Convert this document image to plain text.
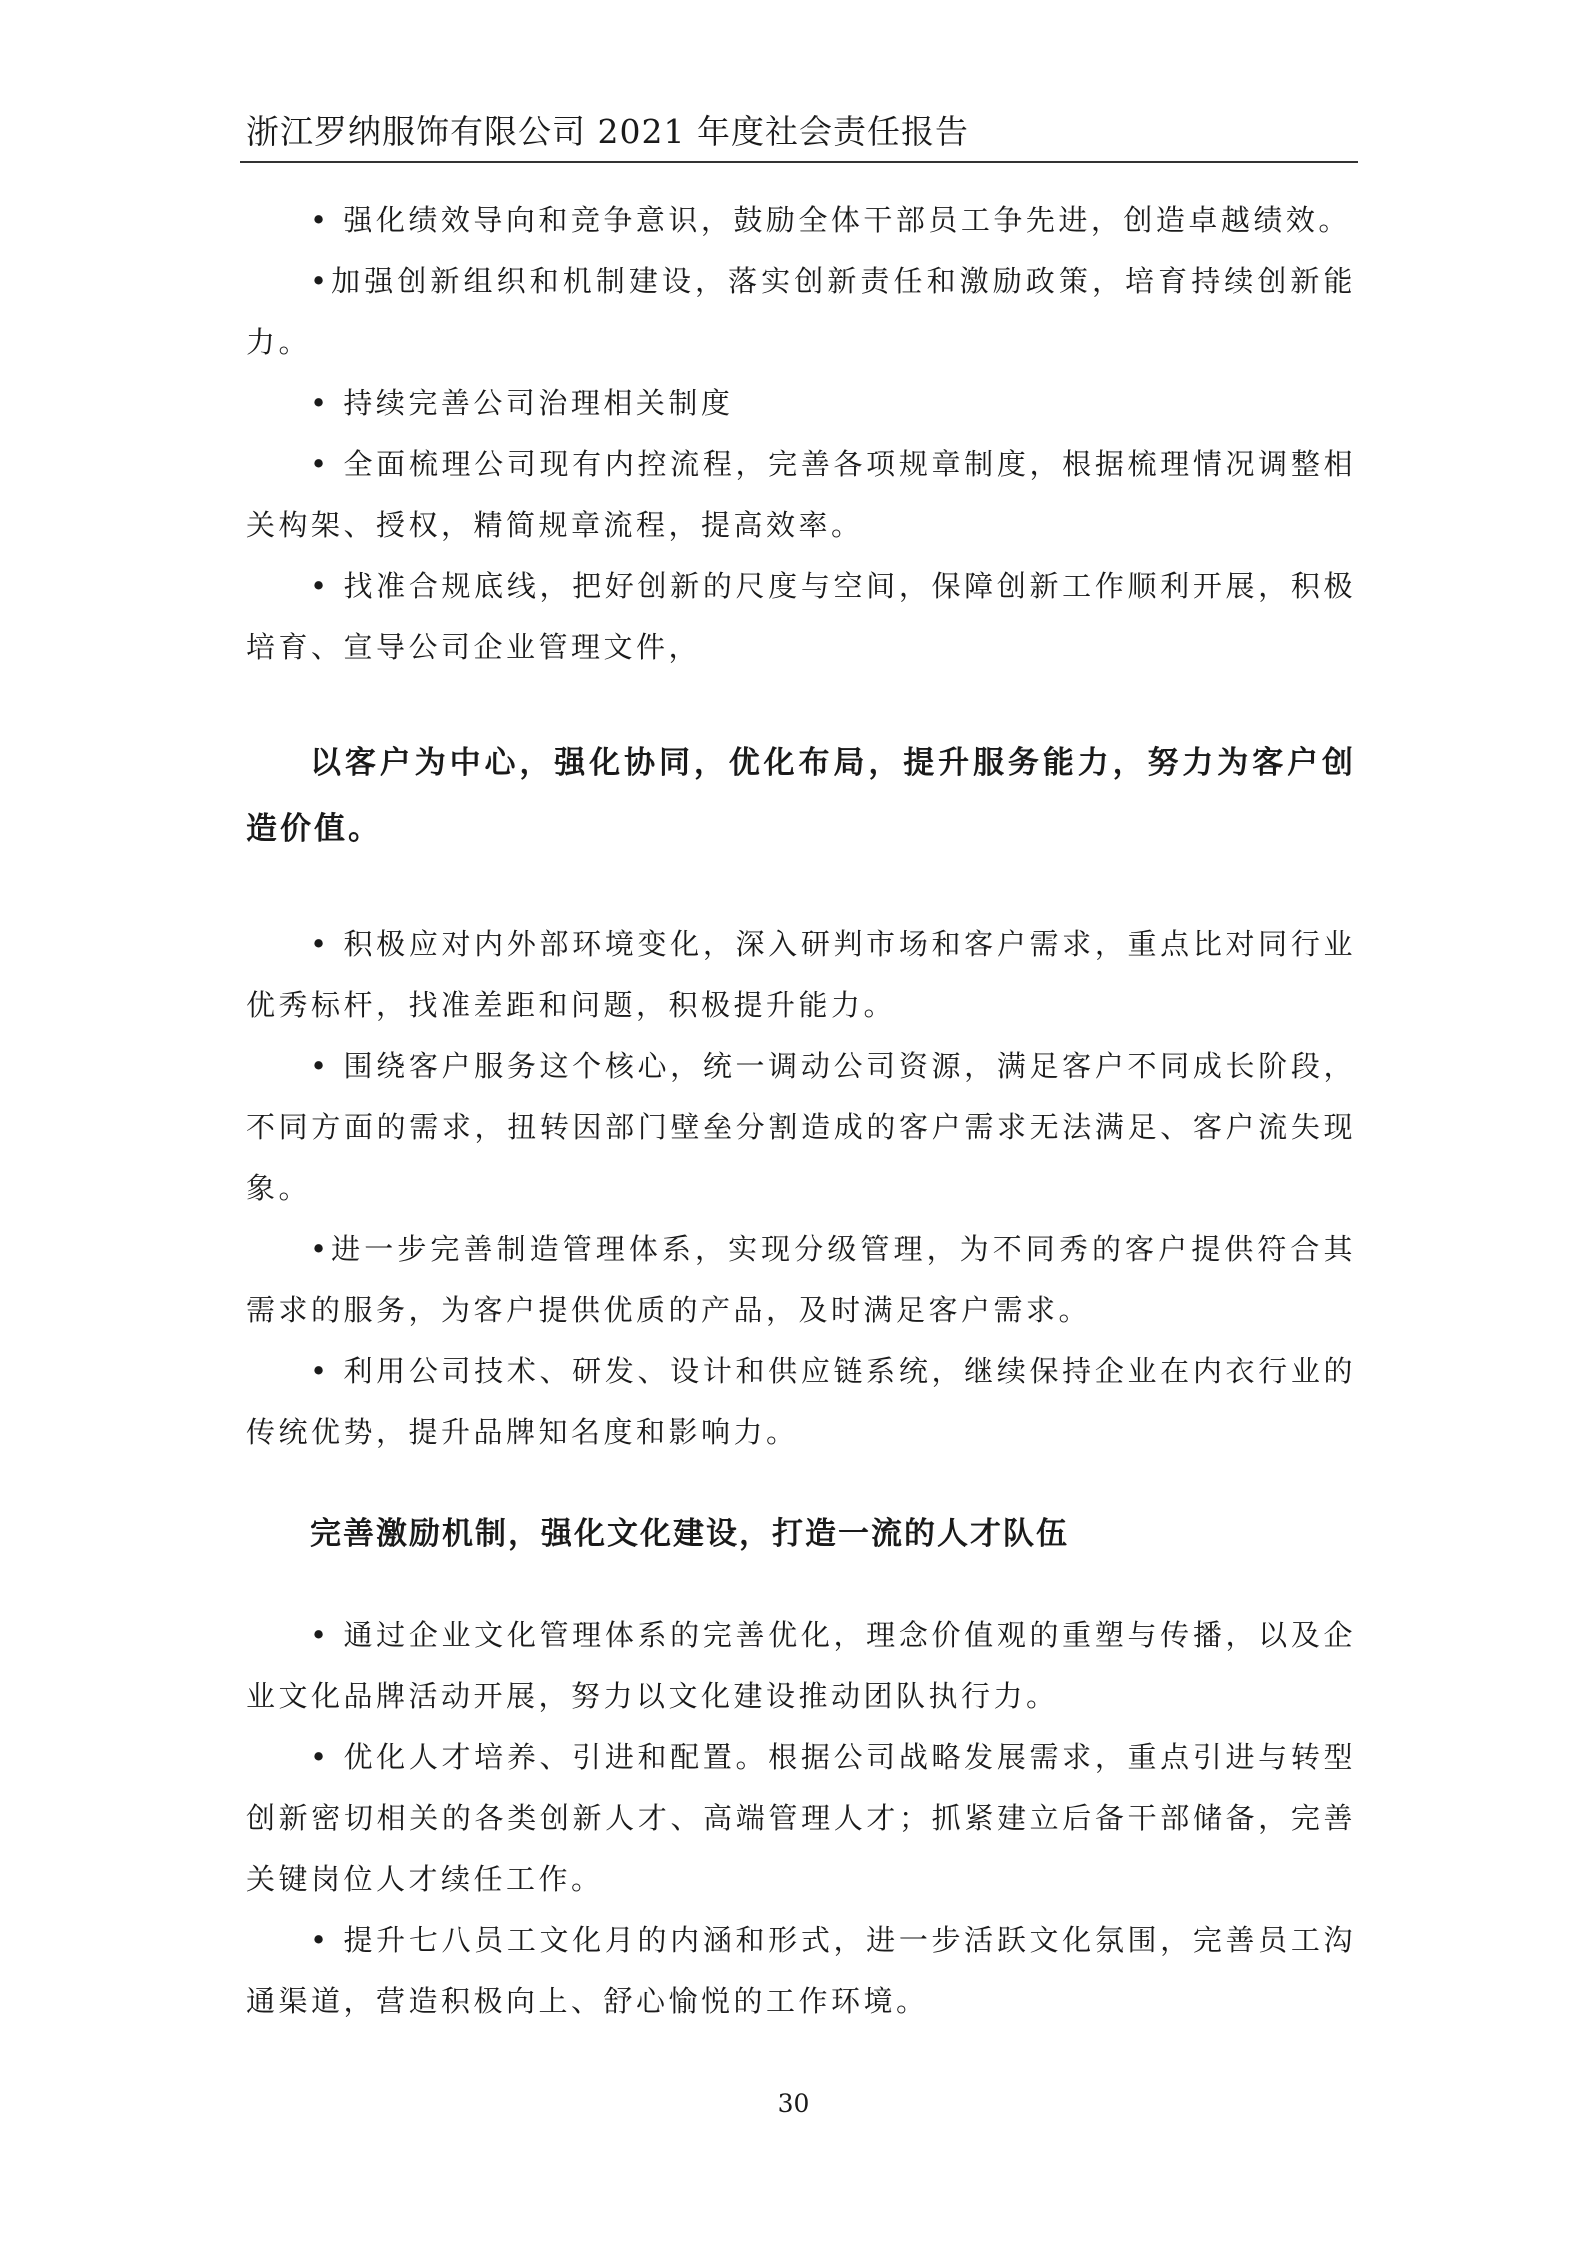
浙江罗纳服饰有限公司 2021 年度社会责任报告

• 强化绩效导向和竞争意识，鼓励全体干部员工争先进，创造卓越绩效。

•加强创新组织和机制建设，落实创新责任和激励政策，培育持续创新能力。

• 持续完善公司治理相关制度

• 全面梳理公司现有内控流程，完善各项规章制度，根据梳理情况调整相关构架、授权，精简规章流程，提高效率。

• 找准合规底线，把好创新的尺度与空间，保障创新工作顺利开展，积极培育、宣导公司企业管理文件，

以客户为中心，强化协同，优化布局，提升服务能力，努力为客户创造价值。

• 积极应对内外部环境变化，深入研判市场和客户需求，重点比对同行业优秀标杆，找准差距和问题，积极提升能力。

• 围绕客户服务这个核心，统一调动公司资源，满足客户不同成长阶段，不同方面的需求，扭转因部门壁垒分割造成的客户需求无法满足、客户流失现象。

•进一步完善制造管理体系，实现分级管理，为不同秀的客户提供符合其需求的服务，为客户提供优质的产品，及时满足客户需求。

• 利用公司技术、研发、设计和供应链系统，继续保持企业在内衣行业的传统优势，提升品牌知名度和影响力。

完善激励机制，强化文化建设，打造一流的人才队伍

• 通过企业文化管理体系的完善优化，理念价值观的重塑与传播，以及企业文化品牌活动开展，努力以文化建设推动团队执行力。

• 优化人才培养、引进和配置。根据公司战略发展需求，重点引进与转型创新密切相关的各类创新人才、高端管理人才；抓紧建立后备干部储备，完善关键岗位人才续任工作。

• 提升七八员工文化月的内涵和形式，进一步活跃文化氛围，完善员工沟通渠道，营造积极向上、舒心愉悦的工作环境。

30
